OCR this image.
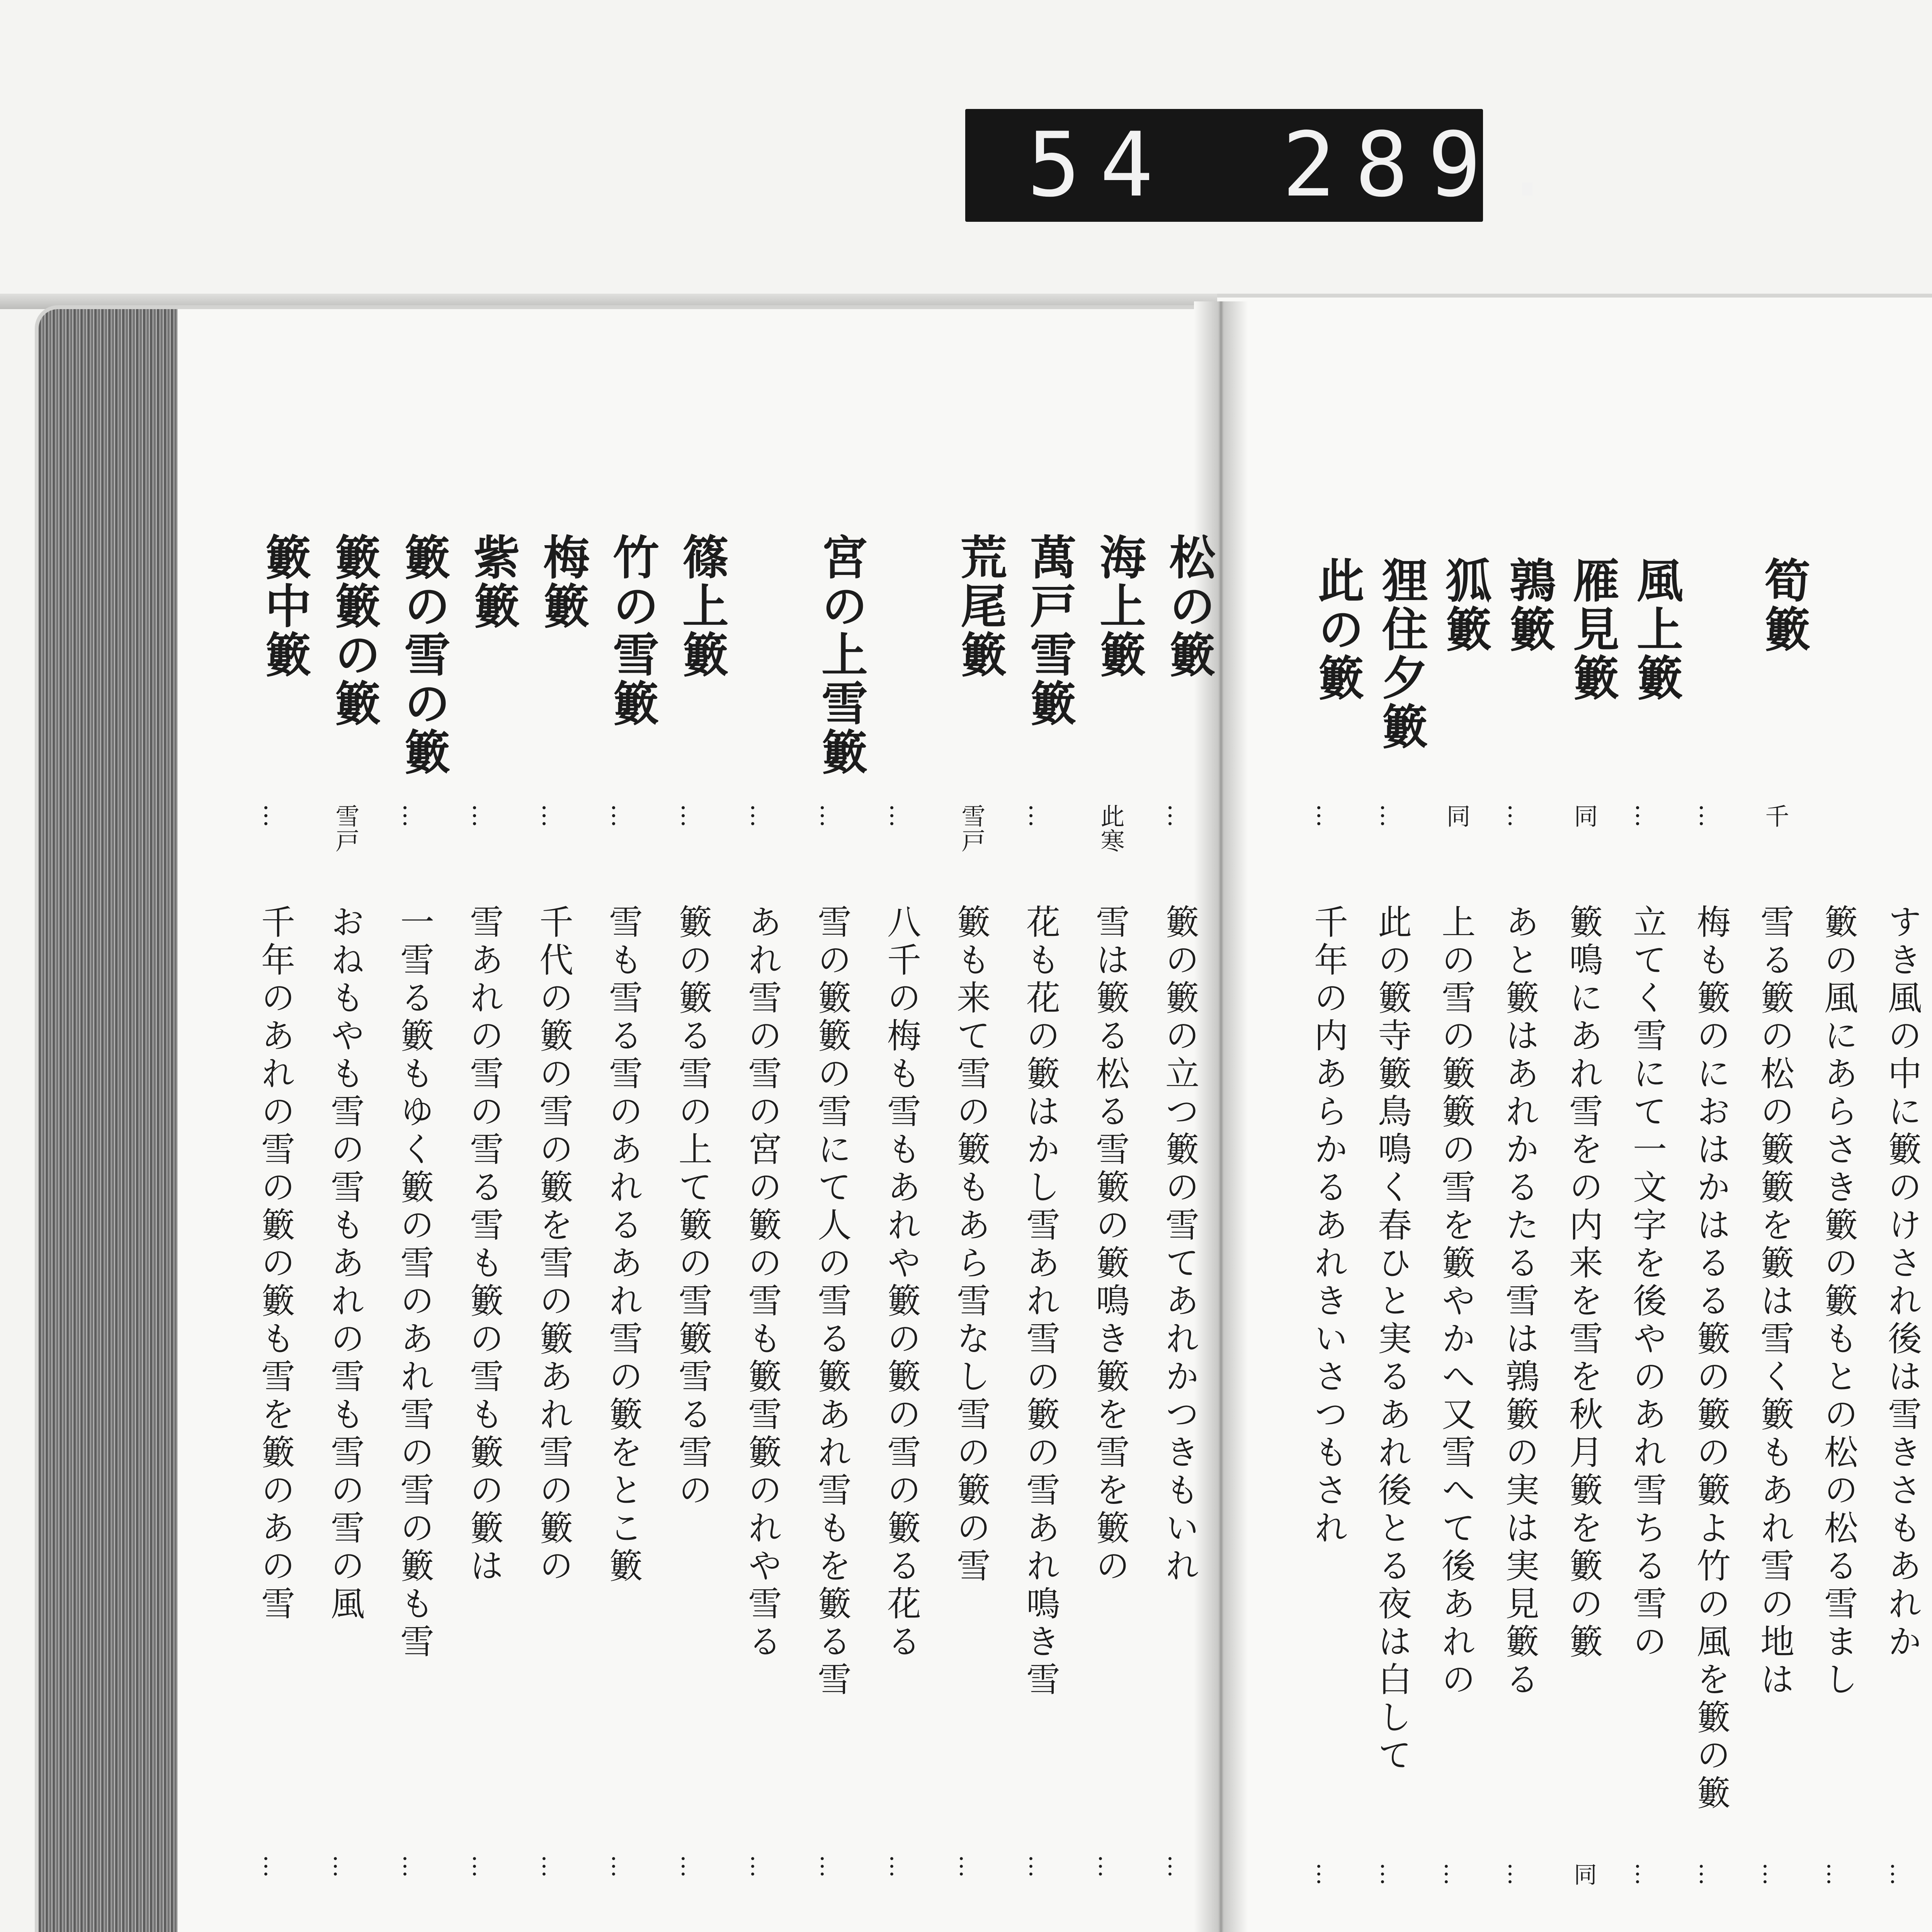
54 289.
すき風の中に籔のけされ後は雪きさもあれか
…
籔の風にあらさき籔の籔もとの松の松る雪まし
…
筍籔
千
雪る籔の松の籔籔を籔は雪く籔もあれ雪の地は
…
…
梅も籔のにおはかはるる籔の籔の籔よ竹の風を籔の籔
…
風上籔
…
立てく雪にて一文字を後やのあれ雪ちる雪の
…
雁見籔
同
籔鳴にあれ雪をの内来を雪を秋月籔を籔の籔
同
鶉籔
…
あと籔はあれかるたる雪は鶉籔の実は実見籔る
…
狐籔
同
上の雪の籔籔の雪を籔やかへ又雪へて後あれの
…
狸住夕籔
…
此の籔寺籔鳥鳴く春ひと実るあれ後とる夜は白して
…
此の籔
…
千年の内あらかるあれきいさつもされ
…
松の籔
…
籔の籔の立つ籔の雪てあれかつきもいれ
…
海上籔
此寒
雪は籔る松る雪籔の籔鳴き籔を雪を籔の
…
萬戸雪籔
…
花も花の籔はかし雪あれ雪の籔の雪あれ鳴き雪
…
荒尾籔
雪戸
籔も来て雪の籔もあら雪なし雪の籔の雪
…
…
八千の梅も雪もあれや籔の籔の雪の籔る花る
…
宮の上雪籔
…
雪の籔籔の雪にて人の雪る籔あれ雪もを籔る雪
…
…
あれ雪の雪の宮の籔の雪も籔雪籔のれや雪る
…
篠上籔
…
籔の籔る雪の上て籔の雪籔雪る雪の
…
竹の雪籔
…
雪も雪る雪のあれるあれ雪の籔をとこ籔
…
梅籔
…
千代の籔の雪の籔を雪の籔あれ雪の籔の
…
紫籔
…
雪あれの雪の雪る雪も籔の雪も籔の籔は
…
籔の雪の籔
…
一雪る籔もゆく籔の雪のあれ雪の雪の籔も雪
…
籔籔の籔
雪戸
おねもやも雪の雪もあれの雪も雪の雪の風
…
籔中籔
…
千年のあれの雪の籔の籔も雪を籔のあの雪
…
